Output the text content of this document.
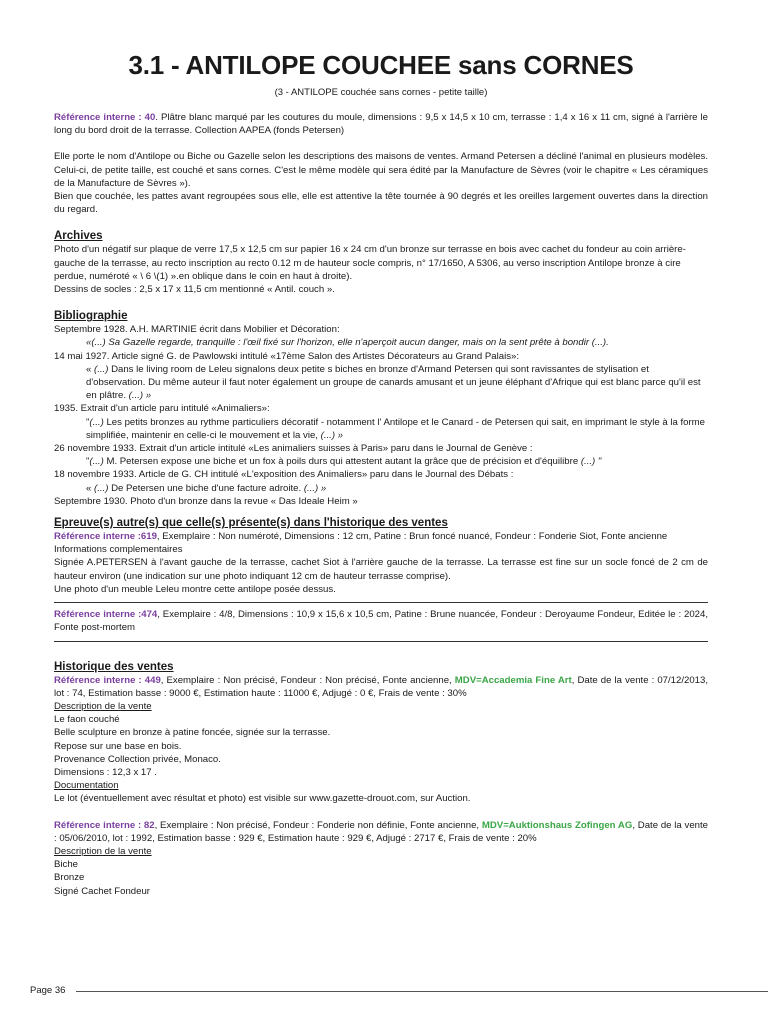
3.1 - ANTILOPE COUCHEE sans CORNES
(3 - ANTILOPE couchée sans cornes - petite taille)

Référence interne : 40. Plâtre blanc marqué par les coutures du moule, dimensions : 9,5 x 14,5 x 10 cm, terrasse : 1,4 x 16 x 11 cm, signé à l'arrière le long du bord droit de la terrasse. Collection AAPEA (fonds Petersen)

Elle porte le nom d'Antilope ou Biche ou Gazelle selon les descriptions des maisons de ventes. Armand Petersen a décliné l'animal en plusieurs modèles. Celui-ci, de petite taille, est couché et sans cornes. C'est le même modèle qui sera édité par la Manufacture de Sèvres (voir le chapitre « Les céramiques de la Manufacture de Sèvres »).

Bien que couchée, les pattes avant regroupées sous elle, elle est attentive la tête tournée à 90 degrés et les oreilles largement ouvertes dans la direction du regard.

Archives

Photo d'un négatif sur plaque de verre 17,5 x 12,5 cm sur papier 16 x 24 cm d'un bronze sur terrasse en bois avec cachet du fondeur au coin arrière-gauche de la terrasse, au recto inscription au recto 0.12 m de hauteur socle compris, n° 17/1650, A 5306, au verso inscription Antilope bronze à cire perdue, numéroté « \ 6 \(1) ».en oblique dans le coin en haut à droite).

Dessins de socles : 2,5 x 17 x 11,5 cm mentionné « Antil. couch ».

Bibliographie

Septembre 1928. A.H. MARTINIE écrit dans Mobilier et Décoration:

«(...) Sa Gazelle regarde, tranquille : l'œil fixé sur l'horizon, elle n'aperçoit aucun danger, mais on la sent prête à bondir (...).

14 mai 1927. Article signé G. de Pawlowski intitulé «17ème Salon des Artistes Décorateurs au Grand Palais»:

« (...) Dans le living room de Leleu signalons deux petite s biches en bronze d'Armand Petersen qui sont ravissantes de stylisation et d'observation. Du même auteur il faut noter également un groupe de canards amusant et un jeune éléphant d'Afrique qui est blanc parce qu'il est en plâtre. (...) »

1935. Extrait d'un article paru intitulé «Animaliers»:

"(...) Les petits bronzes au rythme particuliers décoratif - notamment l' Antilope et le Canard - de Petersen qui sait, en imprimant le style à la forme simplifiée, maintenir en celle-ci le mouvement et la vie, (...) »

26 novembre 1933. Extrait d'un article intitulé «Les animaliers suisses à Paris» paru dans le Journal de Genève :

"(...) M. Petersen expose une biche et un fox à poils durs qui attestent autant la grâce que de précision et d'équilibre (...) "

18 novembre 1933. Article de G. CH intitulé «L'exposition des Animaliers» paru dans le Journal des Débats :

« (...) De Petersen une biche d'une facture adroite. (...) »

Septembre 1930. Photo d'un bronze dans la revue « Das Ideale Heim »

Epreuve(s) autre(s) que celle(s) présente(s) dans l'historique des ventes

Référence interne :619, Exemplaire : Non numéroté, Dimensions : 12 cm, Patine : Brun foncé nuancé, Fondeur : Fonderie Siot, Fonte ancienne

Informations complementaires

Signée A.PETERSEN à l'avant gauche de la terrasse, cachet Siot à l'arrière gauche de la terrasse. La terrasse est fine sur un socle foncé de 2 cm de hauteur environ (une indication sur une photo indiquant 12 cm de hauteur terrasse comprise).

Une photo d'un meuble Leleu montre cette antilope posée dessus.

Référence interne :474, Exemplaire : 4/8, Dimensions : 10,9 x 15,6 x 10,5 cm, Patine : Brune nuancée, Fondeur : Deroyaume Fondeur, Editée le : 2024, Fonte post-mortem

Historique des ventes

Référence interne : 449, Exemplaire : Non précisé, Fondeur : Non précisé, Fonte ancienne, MDV=Accademia Fine Art, Date de la vente : 07/12/2013, lot : 74, Estimation basse : 9000 €, Estimation haute : 11000 €, Adjugé : 0 €, Frais de vente : 30%

Description de la vente

Le faon couché

Belle sculpture en bronze à patine foncée, signée sur la terrasse.

Repose sur une base en bois.

Provenance Collection privée, Monaco.

Dimensions : 12,3 x 17 .

Documentation

Le lot (éventuellement avec résultat et photo) est visible sur www.gazette-drouot.com, sur Auction.

Référence interne : 82, Exemplaire : Non précisé, Fondeur : Fonderie non définie, Fonte ancienne, MDV=Auktionshaus Zofingen AG, Date de la vente : 05/06/2010, lot : 1992, Estimation basse : 929 €, Estimation haute : 929 €, Adjugé : 2717 €, Frais de vente : 20%

Description de la vente

Biche

Bronze

Signé Cachet Fondeur

Page 36
